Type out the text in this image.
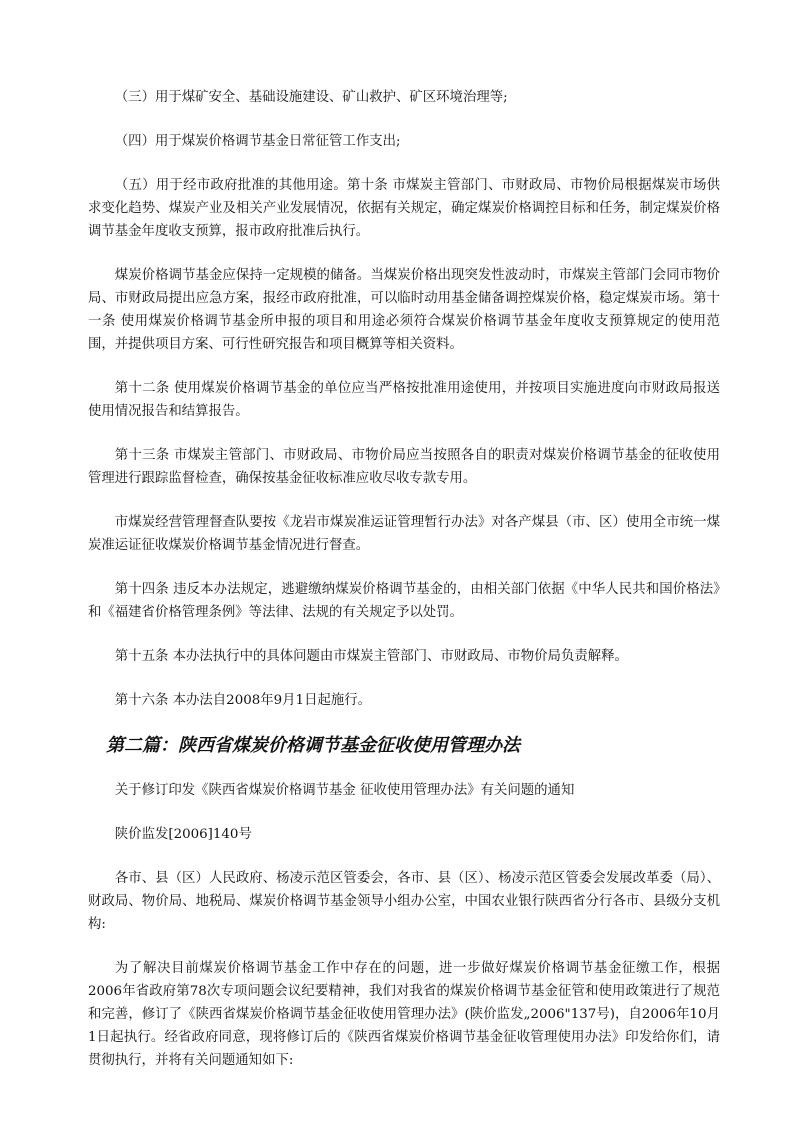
（三）用于煤矿安全、基础设施建设、矿山救护、矿区环境治理等;

（四）用于煤炭价格调节基金日常征管工作支出;

（五）用于经市政府批准的其他用途。第十条 市煤炭主管部门、市财政局、市物价局根据煤炭市场供求变化趋势、煤炭产业及相关产业发展情况，依据有关规定，确定煤炭价格调控目标和任务，制定煤炭价格调节基金年度收支预算，报市政府批准后执行。

煤炭价格调节基金应保持一定规模的储备。当煤炭价格出现突发性波动时，市煤炭主管部门会同市物价局、市财政局提出应急方案，报经市政府批准，可以临时动用基金储备调控煤炭价格，稳定煤炭市场。第十一条 使用煤炭价格调节基金所申报的项目和用途必须符合煤炭价格调节基金年度收支预算规定的使用范围，并提供项目方案、可行性研究报告和项目概算等相关资料。

第十二条 使用煤炭价格调节基金的单位应当严格按批准用途使用，并按项目实施进度向市财政局报送使用情况报告和结算报告。

第十三条 市煤炭主管部门、市财政局、市物价局应当按照各自的职责对煤炭价格调节基金的征收使用管理进行跟踪监督检查，确保按基金征收标准应收尽收专款专用。

市煤炭经营管理督查队要按《龙岩市煤炭准运证管理暂行办法》对各产煤县（市、区）使用全市统一煤炭准运证征收煤炭价格调节基金情况进行督查。

第十四条 违反本办法规定，逃避缴纳煤炭价格调节基金的，由相关部门依据《中华人民共和国价格法》和《福建省价格管理条例》等法律、法规的有关规定予以处罚。

第十五条 本办法执行中的具体问题由市煤炭主管部门、市财政局、市物价局负责解释。

第十六条 本办法自2008年9月1日起施行。

第二篇：陕西省煤炭价格调节基金征收使用管理办法

关于修订印发《陕西省煤炭价格调节基金 征收使用管理办法》有关问题的通知

陕价监发[2006]140号

各市、县（区）人民政府、杨凌示范区管委会，各市、县（区）、杨凌示范区管委会发展改革委（局）、财政局、物价局、地税局、煤炭价格调节基金领导小组办公室，中国农业银行陕西省分行各市、县级分支机构:

为了解决目前煤炭价格调节基金工作中存在的问题，进一步做好煤炭价格调节基金征缴工作，根据2006年省政府第78次专项问题会议纪要精神，我们对我省的煤炭价格调节基金征管和使用政策进行了规范和完善，修订了《陕西省煤炭价格调节基金征收使用管理办法》(陕价监发„2006"137号)，自2006年10月1日起执行。经省政府同意，现将修订后的《陕西省煤炭价格调节基金征收管理使用办法》印发给你们，请贯彻执行，并将有关问题通知如下:
